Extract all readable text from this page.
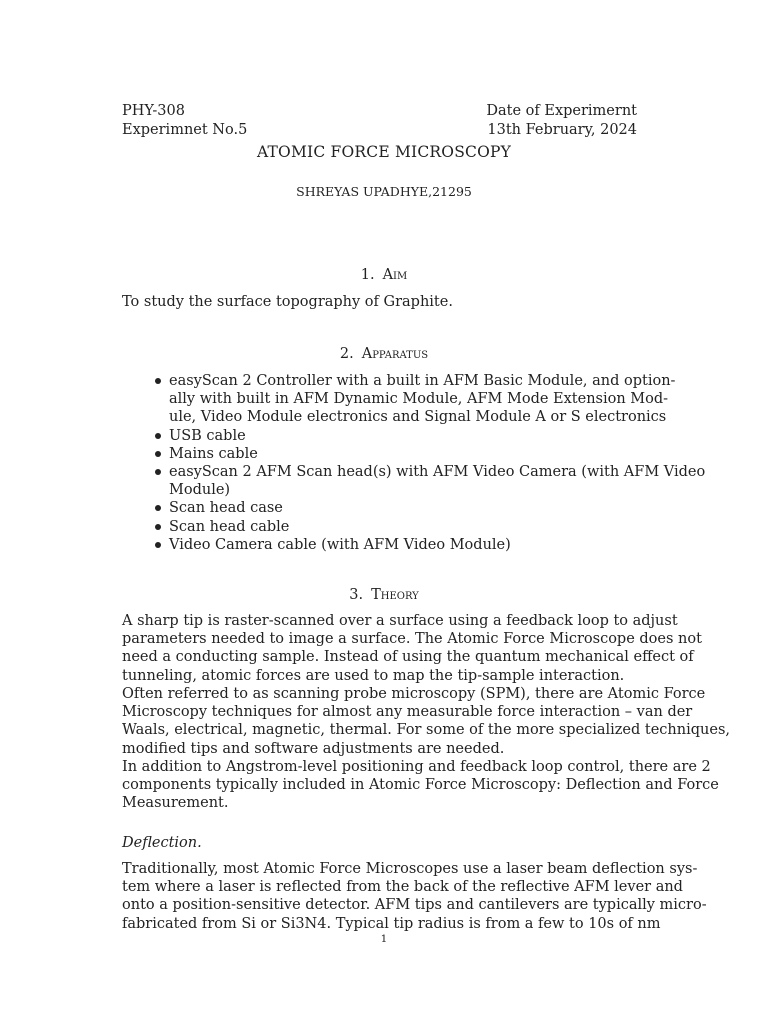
PHY-308
Experimnet No.5
Date of Experimernt
13th February, 2024
ATOMIC FORCE MICROSCOPY
SHREYAS UPADHYE,21295
1. Aim
To study the surface topography of Graphite.
2. Apparatus
easyScan 2 Controller with a built in AFM Basic Module, and option-
ally with built in AFM Dynamic Module, AFM Mode Extension Mod-
ule, Video Module electronics and Signal Module A or S electronics
USB cable
Mains cable
easyScan 2 AFM Scan head(s) with AFM Video Camera (with AFM Video
Module)
Scan head case
Scan head cable
Video Camera cable (with AFM Video Module)
3. Theory
A sharp tip is raster-scanned over a surface using a feedback loop to adjust
parameters needed to image a surface. The Atomic Force Microscope does not
need a conducting sample. Instead of using the quantum mechanical effect of
tunneling, atomic forces are used to map the tip-sample interaction.
Often referred to as scanning probe microscopy (SPM), there are Atomic Force
Microscopy techniques for almost any measurable force interaction – van der
Waals, electrical, magnetic, thermal. For some of the more specialized techniques,
modified tips and software adjustments are needed.
In addition to Angstrom-level positioning and feedback loop control, there are 2
components typically included in Atomic Force Microscopy: Deflection and Force
Measurement.
Deflection.
Traditionally, most Atomic Force Microscopes use a laser beam deflection sys-
tem where a laser is reflected from the back of the reflective AFM lever and
onto a position-sensitive detector. AFM tips and cantilevers are typically micro-
fabricated from Si or Si3N4. Typical tip radius is from a few to 10s of nm
1
